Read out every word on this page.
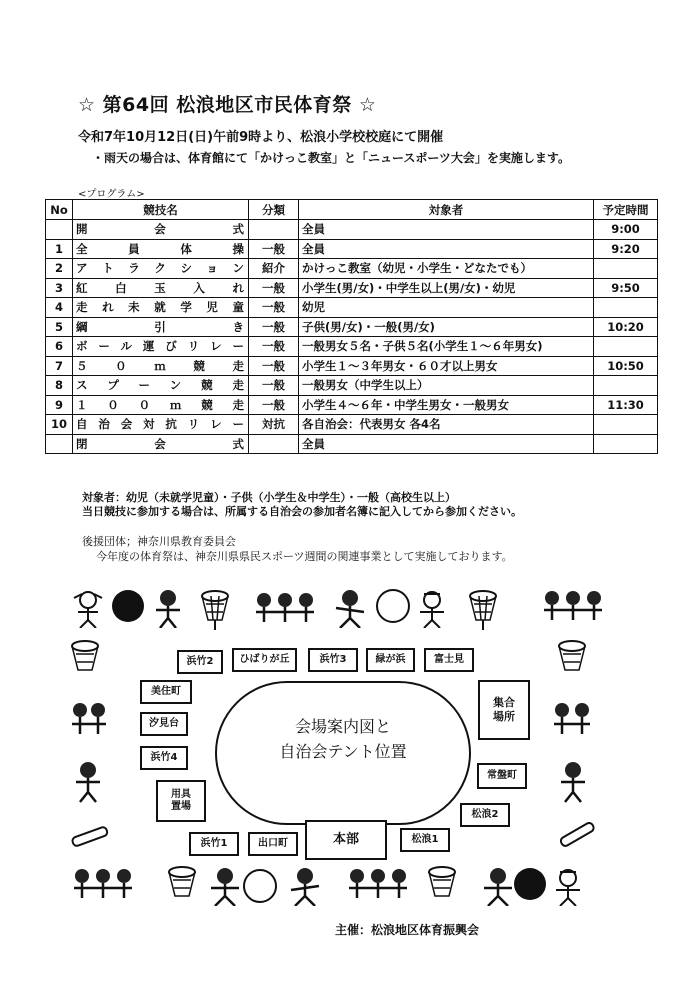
☆ 第64回 松浪地区市民体育祭 ☆
令和7年10月12日(日)午前9時より、松浪小学校校庭にて開催
・雨天の場合は、体育館にて「かけっこ教室」と「ニュースポーツ大会」を実施します。
<プログラム>
No	競技名	分類	対象者	予定時間
	開会式		全員	9:00
1	全員体操	一般	全員	9:20
2	アトラクション	紹介	かけっこ教室（幼児・小学生・どなたでも）	
3	紅白玉入れ	一般	小学生(男/女)・中学生以上(男/女)・幼児	9:50
4	走れ未就学児童	一般	幼児	
5	綱引き	一般	子供(男/女)・一般(男/女)	10:20
6	ボール運びリレー	一般	一般男女５名・子供５名(小学生１～６年男女)	
7	５０ｍ競走	一般	小学生１～３年男女・６０才以上男女	10:50
8	スプーン競走	一般	一般男女（中学生以上）	
9	１００ｍ競走	一般	小学生４～６年・中学生男女・一般男女	11:30
10	自治会対抗リレー	対抗	各自治会：代表男女 各4名	
	閉会式		全員	
対象者：幼児（未就学児童）・子供（小学生＆中学生）・一般（高校生以上）
当日競技に参加する場合は、所属する自治会の参加者名簿に記入してから参加ください。
後援団体；神奈川県教育委員会
今年度の体育祭は、神奈川県県民スポーツ週間の関連事業として実施しております。
会場案内図と
自治会テント位置
浜竹2	ひばりが丘	浜竹3	緑が浜	富士見
美住町
汐見台
浜竹4
用具
置場
浜竹1	出口町	本部	松浪1
松浪2
常盤町
集合
場所
主催：松浪地区体育振興会
